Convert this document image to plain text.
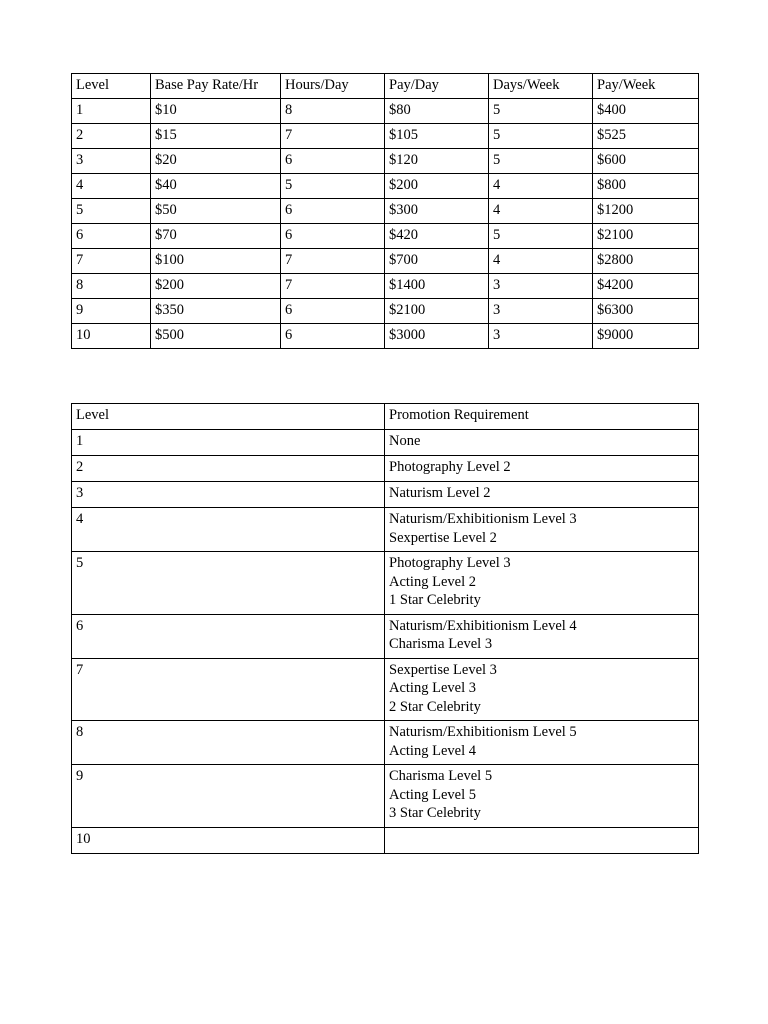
Level	Base Pay Rate/Hr	Hours/Day	Pay/Day	Days/Week	Pay/Week
1	$10	8	$80	5	$400
2	$15	7	$105	5	$525
3	$20	6	$120	5	$600
4	$40	5	$200	4	$800
5	$50	6	$300	4	$1200
6	$70	6	$420	5	$2100
7	$100	7	$700	4	$2800
8	$200	7	$1400	3	$4200
9	$350	6	$2100	3	$6300
10	$500	6	$3000	3	$9000
Level	Promotion Requirement
1	None

2	Photography Level 2

3	Naturism Level 2

4	Naturism/Exhibitionism Level 3
Sexpertise Level 2

5	Photography Level 3
Acting Level 2
1 Star Celebrity

6	Naturism/Exhibitionism Level 4
Charisma Level 3

7	Sexpertise Level 3
Acting Level 3
2 Star Celebrity

8	Naturism/Exhibitionism Level 5
Acting Level 4

9	Charisma Level 5
Acting Level 5
3 Star Celebrity

10	
